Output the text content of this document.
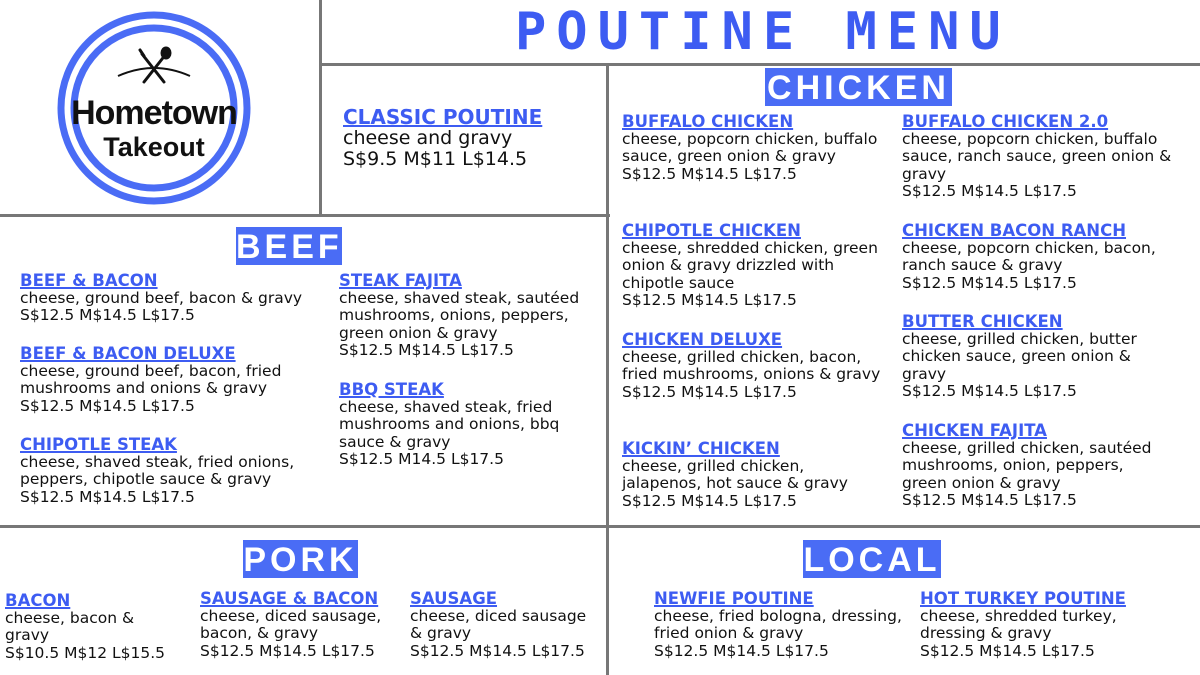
Hometown
Takeout
POUTINE MENU
CLASSIC POUTINE
cheese and gravy
S$9.5 M$11 L$14.5
BEEF
CHICKEN
PORK	LOCAL
BEEF & BACON
cheese, ground beef, bacon & gravy
S$12.5 M$14.5 L$17.5
BEEF & BACON DELUXE
cheese, ground beef, bacon, fried mushrooms and onions & gravy
S$12.5 M$14.5 L$17.5
CHIPOTLE STEAK
cheese, shaved steak, fried onions, peppers, chipotle sauce & gravy
S$12.5 M$14.5 L$17.5
STEAK FAJITA
cheese, shaved steak, sautéed mushrooms, onions, peppers, green onion & gravy
S$12.5 M$14.5 L$17.5
BBQ STEAK
cheese, shaved steak, fried mushrooms and onions, bbq sauce & gravy
S$12.5 M14.5 L$17.5
BUFFALO CHICKEN
cheese, popcorn chicken, buffalo sauce, green onion & gravy
S$12.5 M$14.5 L$17.5
CHIPOTLE CHICKEN
cheese, shredded chicken, green onion & gravy drizzled with chipotle sauce
S$12.5 M$14.5 L$17.5
CHICKEN DELUXE
cheese, grilled chicken, bacon, fried mushrooms, onions & gravy
S$12.5 M$14.5 L$17.5
KICKIN’ CHICKEN
cheese, grilled chicken, jalapenos, hot sauce & gravy
S$12.5 M$14.5 L$17.5
BUFFALO CHICKEN 2.0
cheese, popcorn chicken, buffalo sauce, ranch sauce, green onion & gravy
S$12.5 M$14.5 L$17.5
CHICKEN BACON RANCH
cheese, popcorn chicken, bacon, ranch sauce & gravy
S$12.5 M$14.5 L$17.5
BUTTER CHICKEN
cheese, grilled chicken, butter chicken sauce, green onion & gravy
S$12.5 M$14.5 L$17.5
CHICKEN FAJITA
cheese, grilled chicken, sautéed mushrooms, onion, peppers, green onion & gravy
S$12.5 M$14.5 L$17.5
BACON
cheese, bacon & gravy
S$10.5 M$12 L$15.5
SAUSAGE & BACON
cheese, diced sausage, bacon, & gravy
S$12.5 M$14.5 L$17.5
SAUSAGE
cheese, diced sausage & gravy
S$12.5 M$14.5 L$17.5
NEWFIE POUTINE
cheese, fried bologna, dressing, fried onion & gravy
S$12.5 M$14.5 L$17.5
HOT TURKEY POUTINE
cheese, shredded turkey, dressing & gravy
S$12.5 M$14.5 L$17.5
